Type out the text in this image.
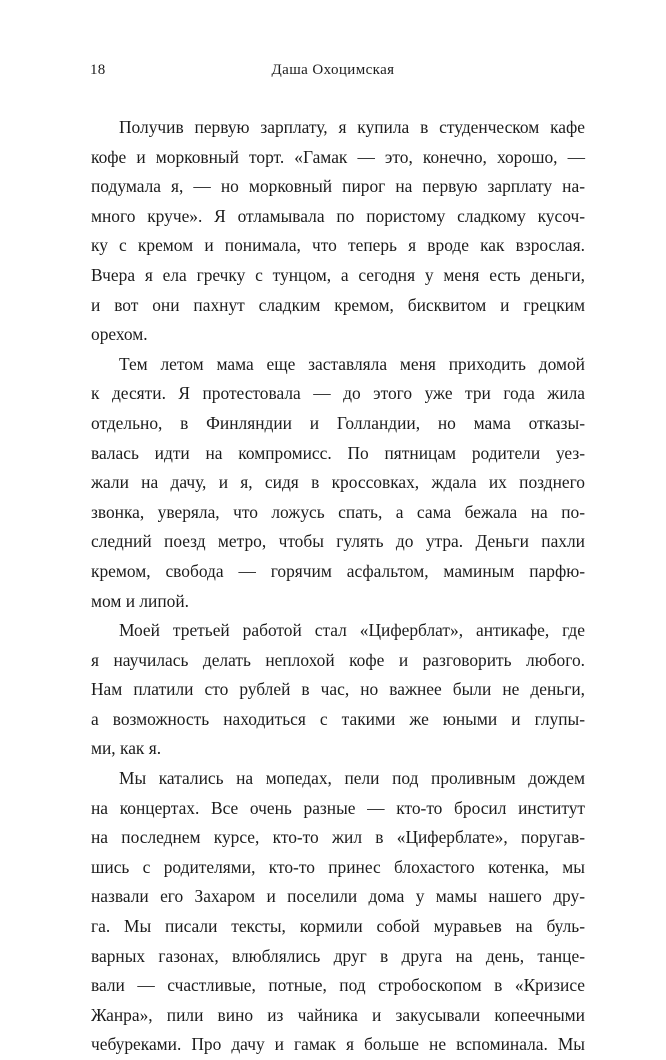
18	Даша Охоцимская
Получив первую зарплату, я купила в студенческом кафе
кофе и морковный торт. «Гамак — это, конечно, хорошо, —
подумала я, — но морковный пирог на первую зарплату на-
много круче». Я отламывала по пористому сладкому кусоч-
ку с кремом и понимала, что теперь я вроде как взрослая.
Вчера я ела гречку с тунцом, а сегодня у меня есть деньги,
и вот они пахнут сладким кремом, бисквитом и грецким
орехом.
Тем летом мама еще заставляла меня приходить домой
к десяти. Я протестовала — до этого уже три года жила
отдельно, в Финляндии и Голландии, но мама отказы-
валась идти на компромисс. По пятницам родители уез-
жали на дачу, и я, сидя в кроссовках, ждала их позднего
звонка, уверяла, что ложусь спать, а сама бежала на по-
следний поезд метро, чтобы гулять до утра. Деньги пахли
кремом, свобода — горячим асфальтом, маминым парфю-
мом и липой.
Моей третьей работой стал «Циферблат», антикафе, где
я научилась делать неплохой кофе и разговорить любого.
Нам платили сто рублей в час, но важнее были не деньги,
а возможность находиться с такими же юными и глупы-
ми, как я.
Мы катались на мопедах, пели под проливным дождем
на концертах. Все очень разные — кто-то бросил институт
на последнем курсе, кто-то жил в «Циферблате», поругав-
шись с родителями, кто-то принес блохастого котенка, мы
назвали его Захаром и поселили дома у мамы нашего дру-
га. Мы писали тексты, кормили собой муравьев на буль-
варных газонах, влюблялись друг в друга на день, танце-
вали — счастливые, потные, под стробоскопом в «Кризисе
Жанра», пили вино из чайника и закусывали копеечными
чебуреками. Про дачу и гамак я больше не вспоминала. Мы
